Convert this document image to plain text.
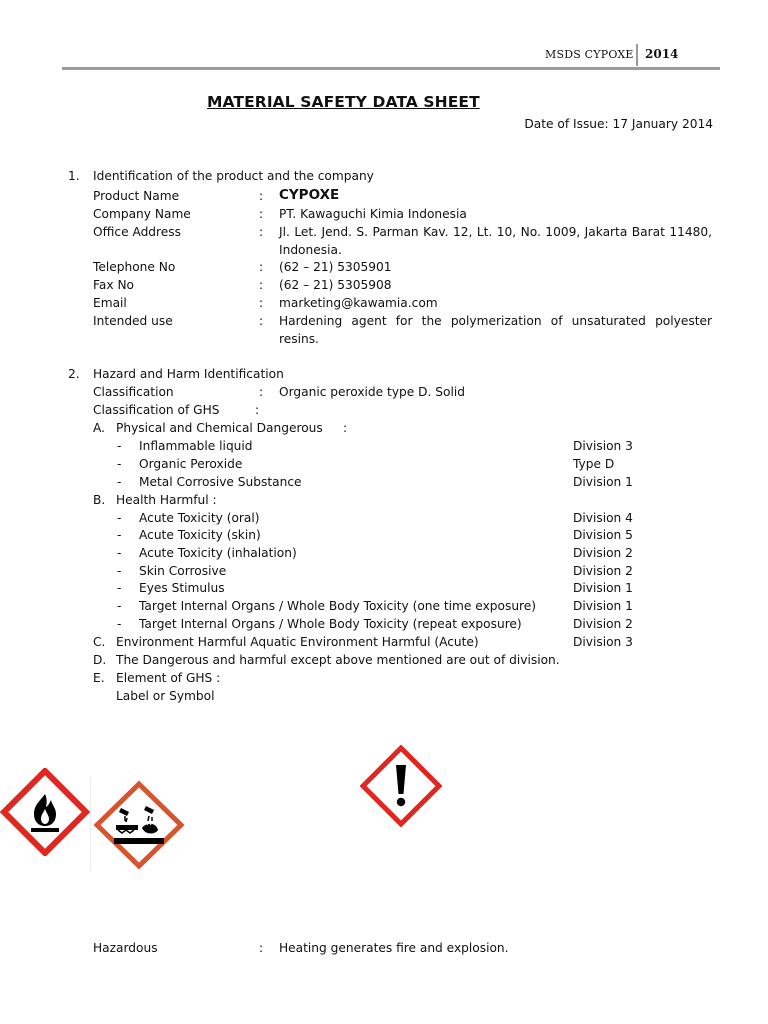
MSDS CYPOXE 2014
MATERIAL SAFETY DATA SHEET
Date of Issue: 17 January 2014
1. Identification of the product and the company
Product Name	: CYPOXE
Company Name	: PT. Kawaguchi Kimia Indonesia
Office Address	: Jl. Let. Jend. S. Parman Kav. 12, Lt. 10, No. 1009, Jakarta Barat 11480,
Indonesia.
Telephone No	: (62 – 21) 5305901
Fax No	: (62 – 21) 5305908
Email	: marketing@kawamia.com
Intended use	: Hardening agent for the polymerization of unsaturated polyester
resins.
2. Hazard and Harm Identification
Classification	: Organic peroxide type D. Solid
Classification of GHS	:
A. Physical and Chemical Dangerous :
- Inflammable liquid	Division 3
- Organic Peroxide	Type D
- Metal Corrosive Substance	Division 1
B. Health Harmful :
- Acute Toxicity (oral)	Division 4
- Acute Toxicity (skin)	Division 5
- Acute Toxicity (inhalation)	Division 2
- Skin Corrosive	Division 2
- Eyes Stimulus	Division 1
- Target Internal Organs / Whole Body Toxicity (one time exposure)	Division 1
- Target Internal Organs / Whole Body Toxicity (repeat exposure)	Division 2
C. Environment Harmful Aquatic Environment Harmful (Acute)	Division 3
D. The Dangerous and harmful except above mentioned are out of division.
E. Element of GHS :
Label or Symbol
Hazardous	: Heating generates fire and explosion.
